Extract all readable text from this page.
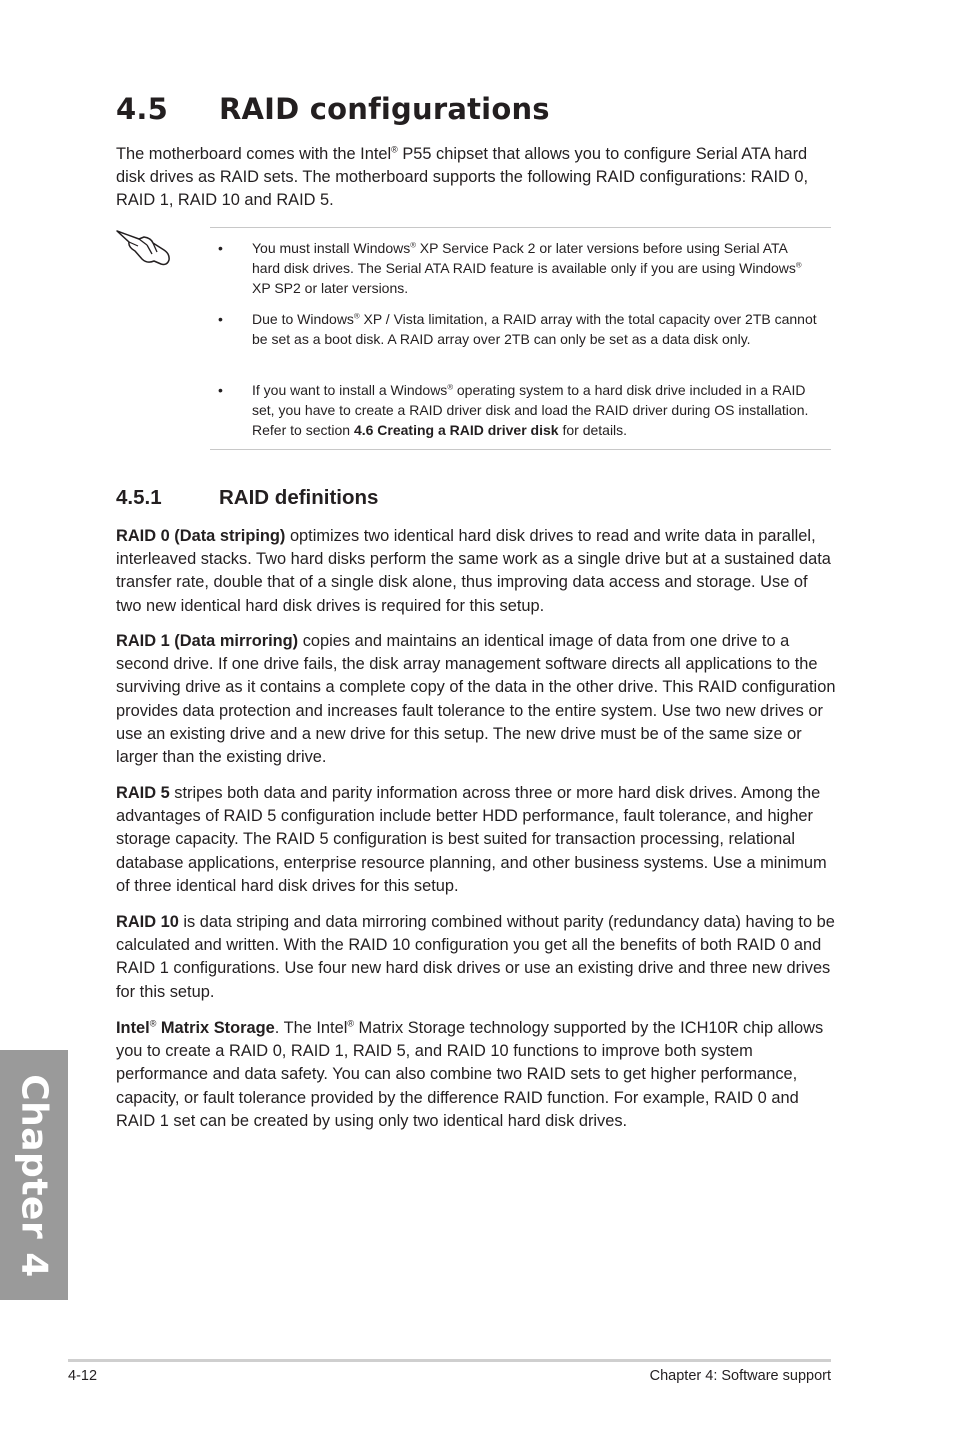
4.5 RAID configurations

The motherboard comes with the Intel® P55 chipset that allows you to configure Serial ATA hard disk drives as RAID sets. The motherboard supports the following RAID configurations: RAID 0, RAID 1, RAID 10 and RAID 5.

• You must install Windows® XP Service Pack 2 or later versions before using Serial ATA hard disk drives. The Serial ATA RAID feature is available only if you are using Windows® XP SP2 or later versions.
• Due to Windows® XP / Vista limitation, a RAID array with the total capacity over 2TB cannot be set as a boot disk. A RAID array over 2TB can only be set as a data disk only.
• If you want to install a Windows® operating system to a hard disk drive included in a RAID set, you have to create a RAID driver disk and load the RAID driver during OS installation. Refer to section 4.6 Creating a RAID driver disk for details.
4.5.1	RAID definitions

RAID 0 (Data striping) optimizes two identical hard disk drives to read and write data in parallel, interleaved stacks. Two hard disks perform the same work as a single drive but at a sustained data transfer rate, double that of a single disk alone, thus improving data access and storage. Use of two new identical hard disk drives is required for this setup.

RAID 1 (Data mirroring) copies and maintains an identical image of data from one drive to a second drive. If one drive fails, the disk array management software directs all applications to the surviving drive as it contains a complete copy of the data in the other drive. This RAID configuration provides data protection and increases fault tolerance to the entire system. Use two new drives or use an existing drive and a new drive for this setup. The new drive must be of the same size or larger than the existing drive.

RAID 5 stripes both data and parity information across three or more hard disk drives. Among the advantages of RAID 5 configuration include better HDD performance, fault tolerance, and higher storage capacity. The RAID 5 configuration is best suited for transaction processing, relational database applications, enterprise resource planning, and other business systems. Use a minimum of three identical hard disk drives for this setup.

RAID 10 is data striping and data mirroring combined without parity (redundancy data) having to be calculated and written. With the RAID 10 configuration you get all the benefits of both RAID 0 and RAID 1 configurations. Use four new hard disk drives or use an existing drive and three new drives for this setup.

Intel® Matrix Storage. The Intel® Matrix Storage technology supported by the ICH10R chip allows you to create a RAID 0, RAID 1, RAID 5, and RAID 10 functions to improve both system performance and data safety. You can also combine two RAID sets to get higher performance, capacity, or fault tolerance provided by the difference RAID function. For example, RAID 0 and RAID 1 set can be created by using only two identical hard disk drives.

Chapter 4
4-12	Chapter 4: Software support
